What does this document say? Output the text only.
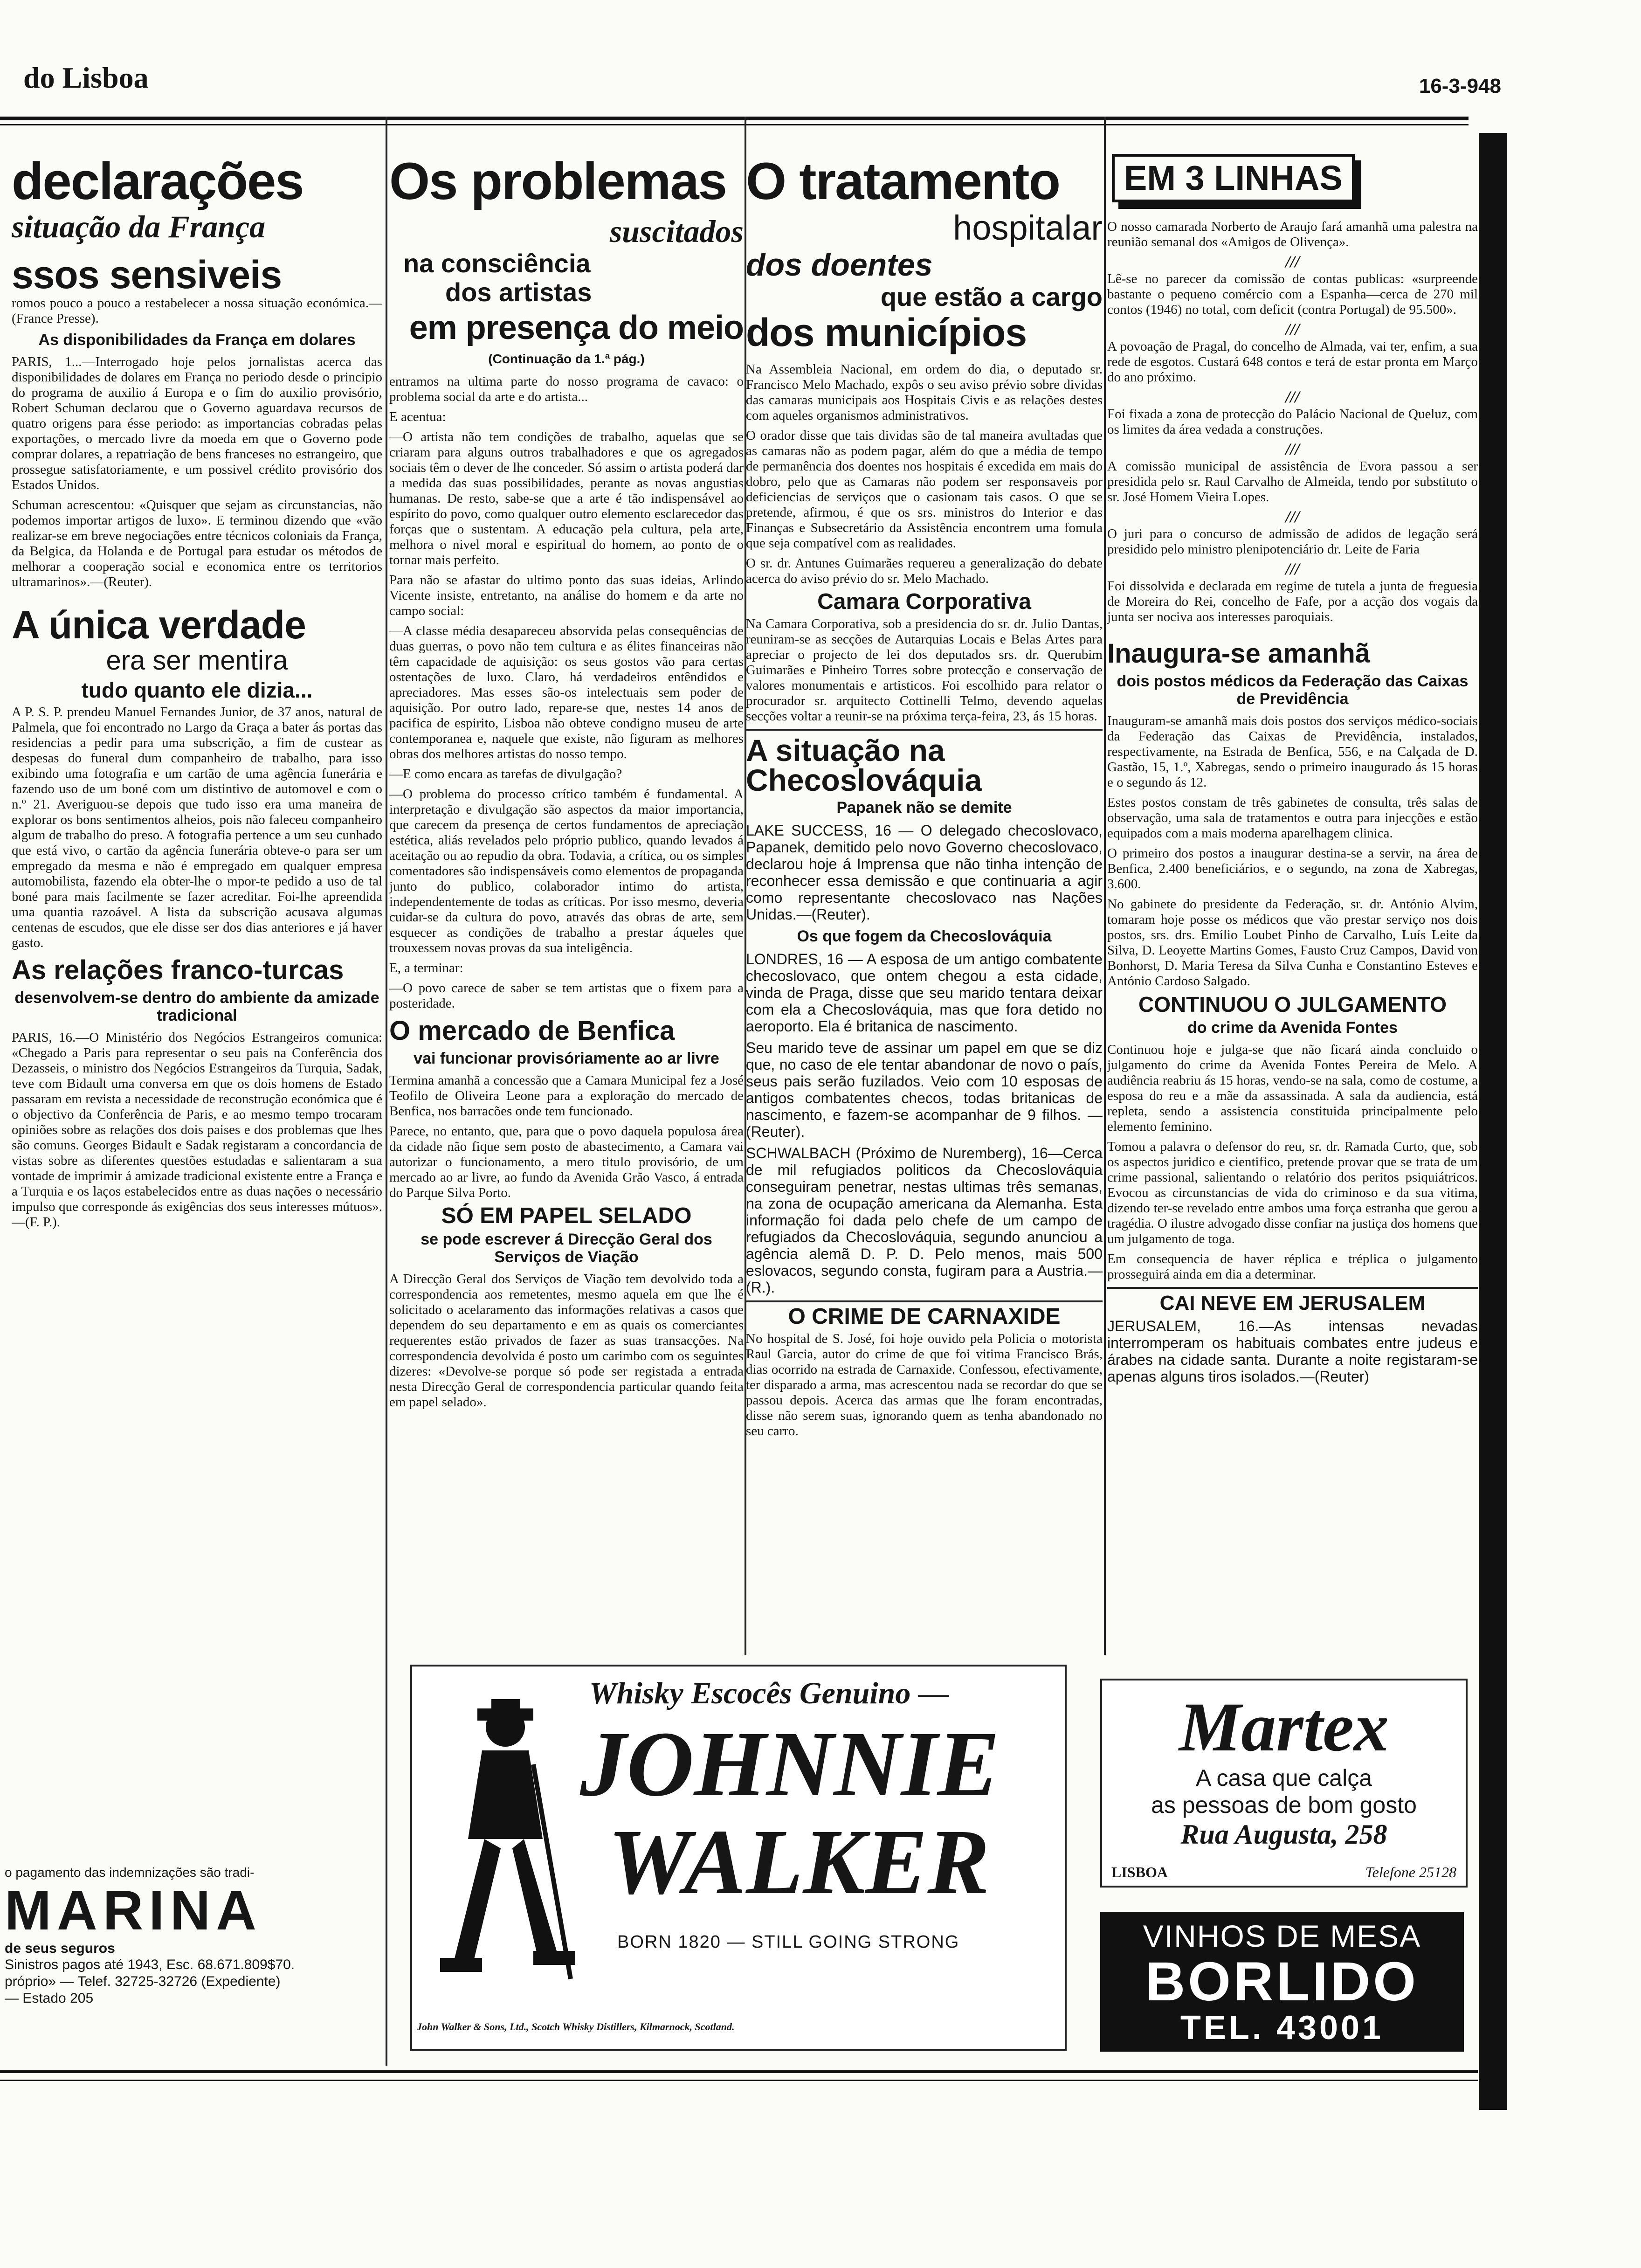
do Lisboa	16-3-948
declarações
situação da França
ssos sensiveis

romos pouco a pouco a restabelecer a nossa situação económica.—(France Presse).

As disponibilidades da França em dolares

PARIS, 1...—Interrogado hoje pelos jornalistas acerca das disponibilidades de dolares em França no periodo desde o principio do programa de auxilio á Europa e o fim do auxilio provisório, Robert Schuman declarou que o Governo aguardava recursos de quatro origens para ésse periodo: as importancias cobradas pelas exportações, o mercado livre da moeda em que o Governo pode comprar dolares, a repatriação de bens franceses no estrangeiro, que prossegue satisfatoriamente, e um possivel crédito provisório dos Estados Unidos.

Schuman acrescentou: «Quisquer que sejam as circunstancias, não podemos importar artigos de luxo». E terminou dizendo que «vão realizar-se em breve negociações entre técnicos coloniais da França, da Belgica, da Holanda e de Portugal para estudar os métodos de melhorar a cooperação social e economica entre os territorios ultramarinos».—(Reuter).

A única verdade
era ser mentira
tudo quanto ele dizia...

A P. S. P. prendeu Manuel Fernandes Junior, de 37 anos, natural de Palmela, que foi encontrado no Largo da Graça a bater ás portas das residencias a pedir para uma subscrição, a fim de custear as despesas do funeral dum companheiro de trabalho, para isso exibindo uma fotografia e um cartão de uma agência funerária e fazendo uso de um boné com um distintivo de automovel e com o n.º 21. Averiguou-se depois que tudo isso era uma maneira de explorar os bons sentimentos alheios, pois não faleceu companheiro algum de trabalho do preso. A fotografia pertence a um seu cunhado que está vivo, o cartão da agência funerária obteve-o para ser um empregado da mesma e não é empregado em qualquer empresa automobilista, fazendo ela obter-lhe o mpor-te pedido a uso de tal boné para mais facilmente se fazer acreditar. Foi-lhe apreendida uma quantia razoável. A lista da subscrição acusava algumas centenas de escudos, que ele disse ser dos dias anteriores e já haver gasto.

As relações franco-turcas
desenvolvem-se dentro do ambiente da amizade tradicional

PARIS, 16.—O Ministério dos Negócios Estrangeiros comunica: «Chegado a Paris para representar o seu pais na Conferência dos Dezasseis, o ministro dos Negócios Estrangeiros da Turquia, Sadak, teve com Bidault uma conversa em que os dois homens de Estado passaram em revista a necessidade de reconstrução económica que é o objectivo da Conferência de Paris, e ao mesmo tempo trocaram opiniões sobre as relações dos dois paises e dos problemas que lhes são comuns. Georges Bidault e Sadak registaram a concordancia de vistas sobre as diferentes questões estudadas e salientaram a sua vontade de imprimir á amizade tradicional existente entre a França e a Turquia e os laços estabelecidos entre as duas nações o necessário impulso que corresponde ás exigências dos seus interesses mútuos».—(F. P.).

Os problemas
suscitados
na consciência
dos artistas
em presença do meio
(Continuação da 1.ª pág.)

entramos na ultima parte do nosso programa de cavaco: o problema social da arte e do artista...

E acentua:

—O artista não tem condições de trabalho, aquelas que se criaram para alguns outros trabalhadores e que os agregados sociais têm o dever de lhe conceder. Só assim o artista poderá dar a medida das suas possibilidades, perante as novas angustias humanas. De resto, sabe-se que a arte é tão indispensável ao espírito do povo, como qualquer outro elemento esclarecedor das forças que o sustentam. A educação pela cultura, pela arte, melhora o nivel moral e espiritual do homem, ao ponto de o tornar mais perfeito.

Para não se afastar do ultimo ponto das suas ideias, Arlindo Vicente insiste, entretanto, na análise do homem e da arte no campo social:

—A classe média desapareceu absorvida pelas consequências de duas guerras, o povo não tem cultura e as élites financeiras não têm capacidade de aquisição: os seus gostos vão para certas ostentações de luxo. Claro, há verdadeiros entêndidos e apreciadores. Mas esses são-os intelectuais sem poder de aquisição. Por outro lado, repare-se que, nestes 14 anos de pacifica de espirito, Lisboa não obteve condigno museu de arte contemporanea e, naquele que existe, não figuram as melhores obras dos melhores artistas do nosso tempo.

—E como encara as tarefas de divulgação?

—O problema do processo crítico também é fundamental. A interpretação e divulgação são aspectos da maior importancia, que carecem da presença de certos fundamentos de apreciação estética, aliás revelados pelo próprio publico, quando levados á aceitação ou ao repudio da obra. Todavia, a crítica, ou os simples comentadores são indispensáveis como elementos de propaganda junto do publico, colaborador intimo do artista, independentemente de todas as críticas. Por isso mesmo, deveria cuidar-se da cultura do povo, através das obras de arte, sem esquecer as condições de trabalho a prestar áqueles que trouxessem novas provas da sua inteligência.

E, a terminar:

—O povo carece de saber se tem artistas que o fixem para a posteridade.

O mercado de Benfica
vai funcionar provisóriamente ao ar livre

Termina amanhã a concessão que a Camara Municipal fez a José Teofilo de Oliveira Leone para a exploração do mercado de Benfica, nos barracões onde tem funcionado.

Parece, no entanto, que, para que o povo daquela populosa área da cidade não fique sem posto de abastecimento, a Camara vai autorizar o funcionamento, a mero titulo provisório, de um mercado ao ar livre, ao fundo da Avenida Grão Vasco, á entrada do Parque Silva Porto.

SÓ EM PAPEL SELADO
se pode escrever á Direcção Geral dos Serviços de Viação

A Direcção Geral dos Serviços de Viação tem devolvido toda a correspondencia aos remetentes, mesmo aquela em que lhe é solicitado o acelaramento das informações relativas a casos que dependem do seu departamento e em as quais os comerciantes requerentes estão privados de fazer as suas transacções. Na correspondencia devolvida é posto um carimbo com os seguintes dizeres: «Devolve-se porque só pode ser registada a entrada nesta Direcção Geral de correspondencia particular quando feita em papel selado».

O tratamento
hospitalar
dos doentes
que estão a cargo
dos municípios

Na Assembleia Nacional, em ordem do dia, o deputado sr. Francisco Melo Machado, expôs o seu aviso prévio sobre dividas das camaras municipais aos Hospitais Civis e as relações destes com aqueles organismos administrativos.

O orador disse que tais dividas são de tal maneira avultadas que as camaras não as podem pagar, além do que a média de tempo de permanência dos doentes nos hospitais é excedida em mais do dobro, pelo que as Camaras não podem ser responsaveis por deficiencias de serviços que o casionam tais casos. O que se pretende, afirmou, é que os srs. ministros do Interior e das Finanças e Subsecretário da Assistência encontrem uma fomula que seja compatível com as realidades.

O sr. dr. Antunes Guimarães requereu a generalização do debate acerca do aviso prévio do sr. Melo Machado.

Camara Corporativa

Na Camara Corporativa, sob a presidencia do sr. dr. Julio Dantas, reuniram-se as secções de Autarquias Locais e Belas Artes para apreciar o projecto de lei dos deputados srs. dr. Querubim Guimarães e Pinheiro Torres sobre protecção e conservação de valores monumentais e artisticos. Foi escolhido para relator o procurador sr. arquitecto Cottinelli Telmo, devendo aquelas secções voltar a reunir-se na próxima terça-feira, 23, ás 15 horas.

A situação na Checoslováquia
Papanek não se demite

LAKE SUCCESS, 16 — O delegado checoslovaco, Papanek, demitido pelo novo Governo checoslovaco, declarou hoje á Imprensa que não tinha intenção de reconhecer essa demissão e que continuaria a agir como representante checoslovaco nas Nações Unidas.—(Reuter).

Os que fogem da Checoslováquia

LONDRES, 16 — A esposa de um antigo combatente checoslovaco, que ontem chegou a esta cidade, vinda de Praga, disse que seu marido tentara deixar com ela a Checoslováquia, mas que fora detido no aeroporto. Ela é britanica de nascimento.

Seu marido teve de assinar um papel em que se diz que, no caso de ele tentar abandonar de novo o país, seus pais serão fuzilados. Veio com 10 esposas de antigos combatentes checos, todas britanicas de nascimento, e fazem-se acompanhar de 9 filhos. — (Reuter).

SCHWALBACH (Próximo de Nuremberg), 16—Cerca de mil refugiados politicos da Checoslováquia conseguiram penetrar, nestas ultimas três semanas, na zona de ocupação americana da Alemanha. Esta informação foi dada pelo chefe de um campo de refugiados da Checoslováquia, segundo anunciou a agência alemã D. P. D. Pelo menos, mais 500 eslovacos, segundo consta, fugiram para a Austria.—(R.).

O CRIME DE CARNAXIDE

No hospital de S. José, foi hoje ouvido pela Policia o motorista Raul Garcia, autor do crime de que foi vitima Francisco Brás, dias ocorrido na estrada de Carnaxide. Confessou, efectivamente, ter disparado a arma, mas acrescentou nada se recordar do que se passou depois. Acerca das armas que lhe foram encontradas, disse não serem suas, ignorando quem as tenha abandonado no seu carro.

EM 3 LINHAS

O nosso camarada Norberto de Araujo fará amanhã uma palestra na reunião semanal dos «Amigos de Olivença».

///

Lê-se no parecer da comissão de contas publicas: «surpreende bastante o pequeno comércio com a Espanha—cerca de 270 mil contos (1946) no total, com deficit (contra Portugal) de 95.500».

///

A povoação de Pragal, do concelho de Almada, vai ter, enfim, a sua rede de esgotos. Custará 648 contos e terá de estar pronta em Março do ano próximo.

///

Foi fixada a zona de protecção do Palácio Nacional de Queluz, com os limites da área vedada a construções.

///

A comissão municipal de assistência de Evora passou a ser presidida pelo sr. Raul Carvalho de Almeida, tendo por substituto o sr. José Homem Vieira Lopes.

///

O juri para o concurso de admissão de adidos de legação será presidido pelo ministro plenipotenciário dr. Leite de Faria

///

Foi dissolvida e declarada em regime de tutela a junta de freguesia de Moreira do Rei, concelho de Fafe, por a acção dos vogais da junta ser nociva aos interesses paroquiais.

Inaugura-se amanhã
dois postos médicos da Federação das Caixas de Previdência

Inauguram-se amanhã mais dois postos dos serviços médico-sociais da Federação das Caixas de Previdência, instalados, respectivamente, na Estrada de Benfica, 556, e na Calçada de D. Gastão, 15, 1.º, Xabregas, sendo o primeiro inaugurado ás 15 horas e o segundo ás 12.

Estes postos constam de três gabinetes de consulta, três salas de observação, uma sala de tratamentos e outra para injecções e estão equipados com a mais moderna aparelhagem clinica.

O primeiro dos postos a inaugurar destina-se a servir, na área de Benfica, 2.400 beneficiários, e o segundo, na zona de Xabregas, 3.600.

No gabinete do presidente da Federação, sr. dr. António Alvim, tomaram hoje posse os médicos que vão prestar serviço nos dois postos, srs. drs. Emílio Loubet Pinho de Carvalho, Luís Leite da Silva, D. Leoyette Martins Gomes, Fausto Cruz Campos, David von Bonhorst, D. Maria Teresa da Silva Cunha e Constantino Esteves e António Cardoso Salgado.

CONTINUOU O JULGAMENTO
do crime da Avenida Fontes

Continuou hoje e julga-se que não ficará ainda concluido o julgamento do crime da Avenida Fontes Pereira de Melo. A audiência reabriu ás 15 horas, vendo-se na sala, como de costume, a esposa do reu e a mãe da assassinada. A sala da audiencia, está repleta, sendo a assistencia constituida principalmente pelo elemento feminino.

Tomou a palavra o defensor do reu, sr. dr. Ramada Curto, que, sob os aspectos juridico e cientifico, pretende provar que se trata de um crime passional, salientando o relatório dos peritos psiquiátricos. Evocou as circunstancias de vida do criminoso e da sua vitima, dizendo ter-se revelado entre ambos uma força estranha que gerou a tragédia. O ilustre advogado disse confiar na justiça dos homens que um julgamento de toga.

Em consequencia de haver réplica e tréplica o julgamento prosseguirá ainda em dia a determinar.

CAI NEVE EM JERUSALEM

JERUSALEM, 16.—As intensas nevadas interromperam os habituais combates entre judeus e árabes na cidade santa. Durante a noite registaram-se apenas alguns tiros isolados.—(Reuter)

o pagamento das indemnizações são tradi-
MARINA
de seus seguros
Sinistros pagos até 1943, Esc. 68.671.809$70.
próprio» — Telef. 32725-32726 (Expediente)
— Estado 205
Whisky Escocês Genuino —
JOHNNIE
WALKER
BORN 1820 — STILL GOING STRONG
John Walker & Sons, Ltd., Scotch Whisky Distillers, Kilmarnock, Scotland.
Martex
A casa que calça
as pessoas de bom gosto
Rua Augusta, 258
LISBOA	Telefone 25128
VINHOS DE MESA
BORLIDO
TEL. 43001
